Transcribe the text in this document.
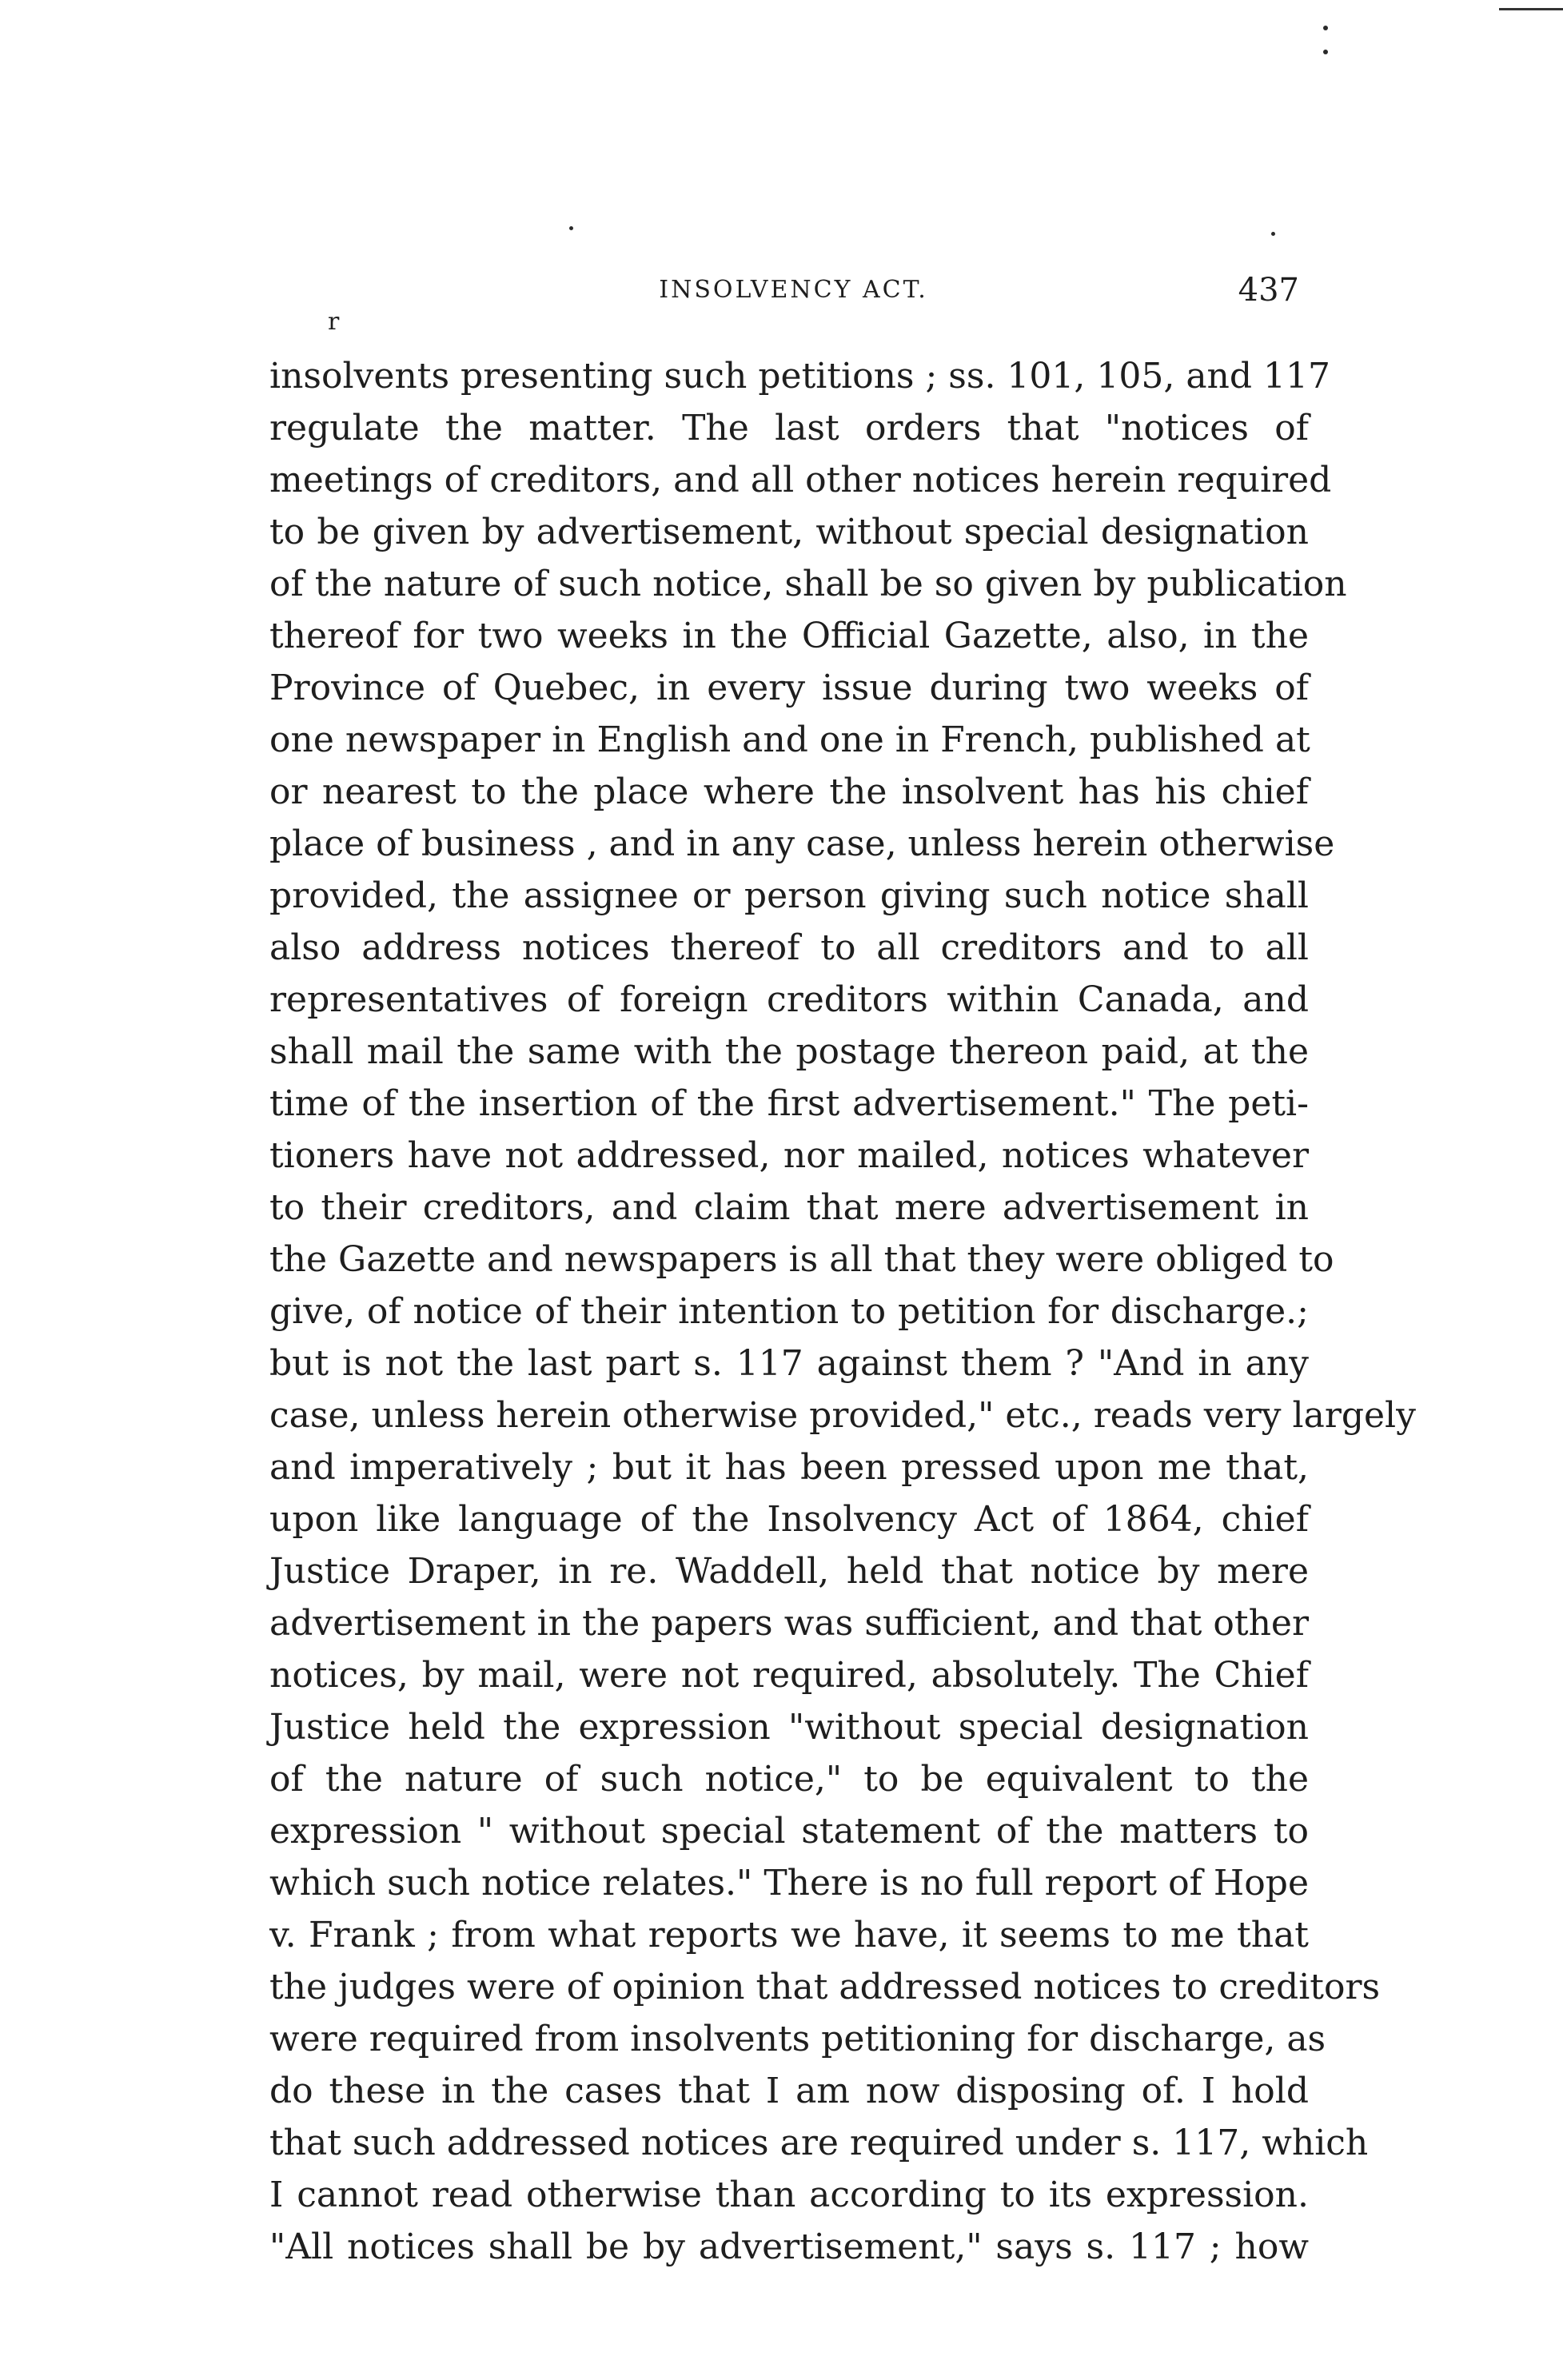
INSOLVENCY ACT.	437
r
insolvents presenting such petitions ; ss. 101, 105, and 117
regulate the matter. The last orders that "notices of
meetings of creditors, and all other notices herein required
to be given by advertisement, without special designation
of the nature of such notice, shall be so given by publication
thereof for two weeks in the Official Gazette, also, in the
Province of Quebec, in every issue during two weeks of
one newspaper in English and one in French, published at
or nearest to the place where the insolvent has his chief
place of business , and in any case, unless herein otherwise
provided, the assignee or person giving such notice shall
also address notices thereof to all creditors and to all
representatives of foreign creditors within Canada, and
shall mail the same with the postage thereon paid, at the
time of the insertion of the first advertisement." The peti-
tioners have not addressed, nor mailed, notices whatever
to their creditors, and claim that mere advertisement in
the Gazette and newspapers is all that they were obliged to
give, of notice of their intention to petition for discharge.;
but is not the last part s. 117 against them ? "And in any
case, unless herein otherwise provided," etc., reads very largely
and imperatively ; but it has been pressed upon me that,
upon like language of the Insolvency Act of 1864, chief
Justice Draper, in re. Waddell, held that notice by mere
advertisement in the papers was sufficient, and that other
notices, by mail, were not required, absolutely. The Chief
Justice held the expression "without special designation
of the nature of such notice," to be equivalent to the
expression " without special statement of the matters to
which such notice relates." There is no full report of Hope
v. Frank ; from what reports we have, it seems to me that
the judges were of opinion that addressed notices to creditors
were required from insolvents petitioning for discharge, as
do these in the cases that I am now disposing of. I hold
that such addressed notices are required under s. 117, which
I cannot read otherwise than according to its expression.
"All notices shall be by advertisement," says s. 117 ; how
